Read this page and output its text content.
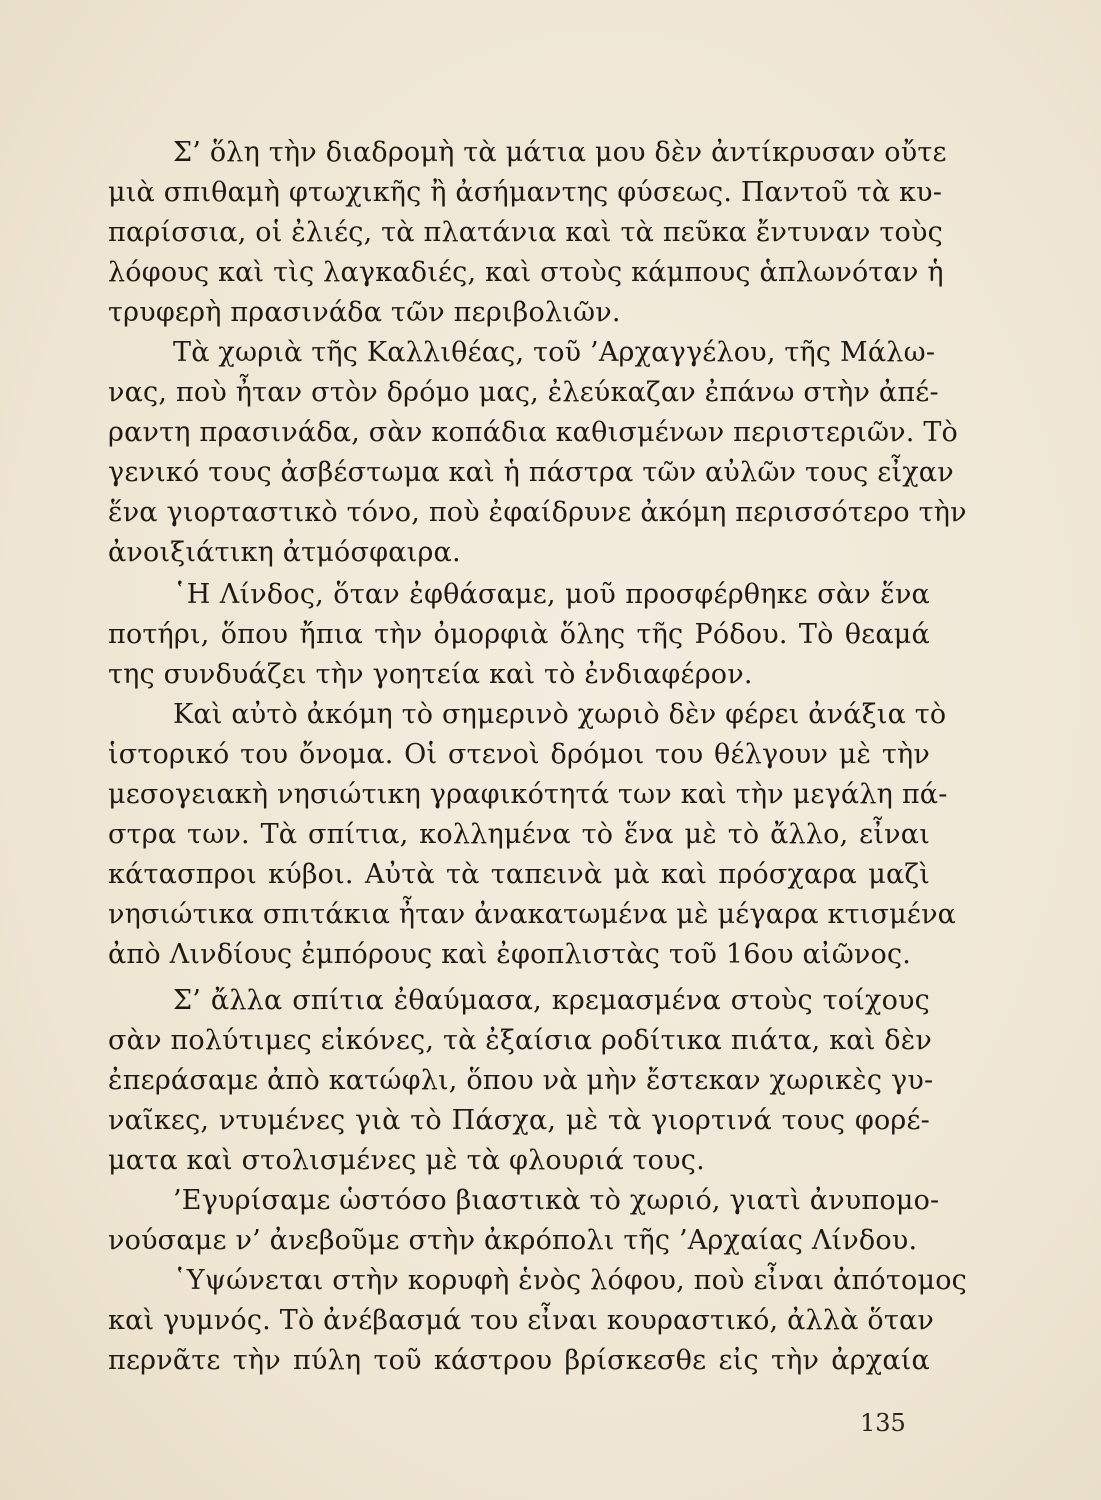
Σ’ ὅλη τὴν διαδρομὴ τὰ μάτια μου δὲν ἀντίκρυσαν οὔτε
μιὰ σπιθαμὴ φτωχικῆς ἢ ἀσήμαντης φύσεως. Παντοῦ τὰ κυ-
παρίσσια, οἱ ἐλιές, τὰ πλατάνια καὶ τὰ πεῦκα ἔντυναν τοὺς
λόφους καὶ τὶς λαγκαδιές, καὶ στοὺς κάμπους ἁπλωνόταν ἡ
τρυφερὴ πρασινάδα τῶν περιβολιῶν.
Τὰ χωριὰ τῆς Καλλιθέας, τοῦ ’Αρχαγγέλου, τῆς Μάλω-
νας, ποὺ ἦταν στὸν δρόμο μας, ἐλεύκαζαν ἐπάνω στὴν ἀπέ-
ραντη πρασινάδα, σὰν κοπάδια καθισμένων περιστεριῶν. Τὸ
γενικό τους ἀσβέστωμα καὶ ἡ πάστρα τῶν αὐλῶν τους εἶχαν
ἕνα γιορταστικὸ τόνο, ποὺ ἐφαίδρυνε ἀκόμη περισσότερο τὴν
ἀνοιξιάτικη ἀτμόσφαιρα.
῾Η Λίνδος, ὅταν ἐφθάσαμε, μοῦ προσφέρθηκε σὰν ἕνα
ποτήρι, ὅπου ἤπια τὴν ὀμορφιὰ ὅλης τῆς Ρόδου. Τὸ θεαμά
της συνδυάζει τὴν γοητεία καὶ τὸ ἐνδιαφέρον.
Καὶ αὐτὸ ἀκόμη τὸ σημερινὸ χωριὸ δὲν φέρει ἀνάξια τὸ
ἱστορικό του ὄνομα. Οἱ στενοὶ δρόμοι του θέλγουν μὲ τὴν
μεσογειακὴ νησιώτικη γραφικότητά των καὶ τὴν μεγάλη πά-
στρα των. Τὰ σπίτια, κολλημένα τὸ ἕνα μὲ τὸ ἄλλο, εἶναι
κάτασπροι κύβοι. Αὐτὰ τὰ ταπεινὰ μὰ καὶ πρόσχαρα μαζὶ
νησιώτικα σπιτάκια ἦταν ἀνακατωμένα μὲ μέγαρα κτισμένα
ἀπὸ Λινδίους ἐμπόρους καὶ ἐφοπλιστὰς τοῦ 16ου αἰῶνος.
Σ’ ἄλλα σπίτια ἐθαύμασα, κρεμασμένα στοὺς τοίχους
σὰν πολύτιμες εἰκόνες, τὰ ἐξαίσια ροδίτικα πιάτα, καὶ δὲν
ἐπεράσαμε ἀπὸ κατώφλι, ὅπου νὰ μὴν ἔστεκαν χωρικὲς γυ-
ναῖκες, ντυμένες γιὰ τὸ Πάσχα, μὲ τὰ γιορτινά τους φορέ-
ματα καὶ στολισμένες μὲ τὰ φλουριά τους.
’Εγυρίσαμε ὡστόσο βιαστικὰ τὸ χωριό, γιατὶ ἀνυπομο-
νούσαμε ν’ ἀνεβοῦμε στὴν ἀκρόπολι τῆς ’Αρχαίας Λίνδου.
῾Υψώνεται στὴν κορυφὴ ἑνὸς λόφου, ποὺ εἶναι ἀπότομος
καὶ γυμνός. Τὸ ἀνέβασμά του εἶναι κουραστικό, ἀλλὰ ὅταν
περνᾶτε τὴν πύλη τοῦ κάστρου βρίσκεσθε εἰς τὴν ἀρχαία
135
